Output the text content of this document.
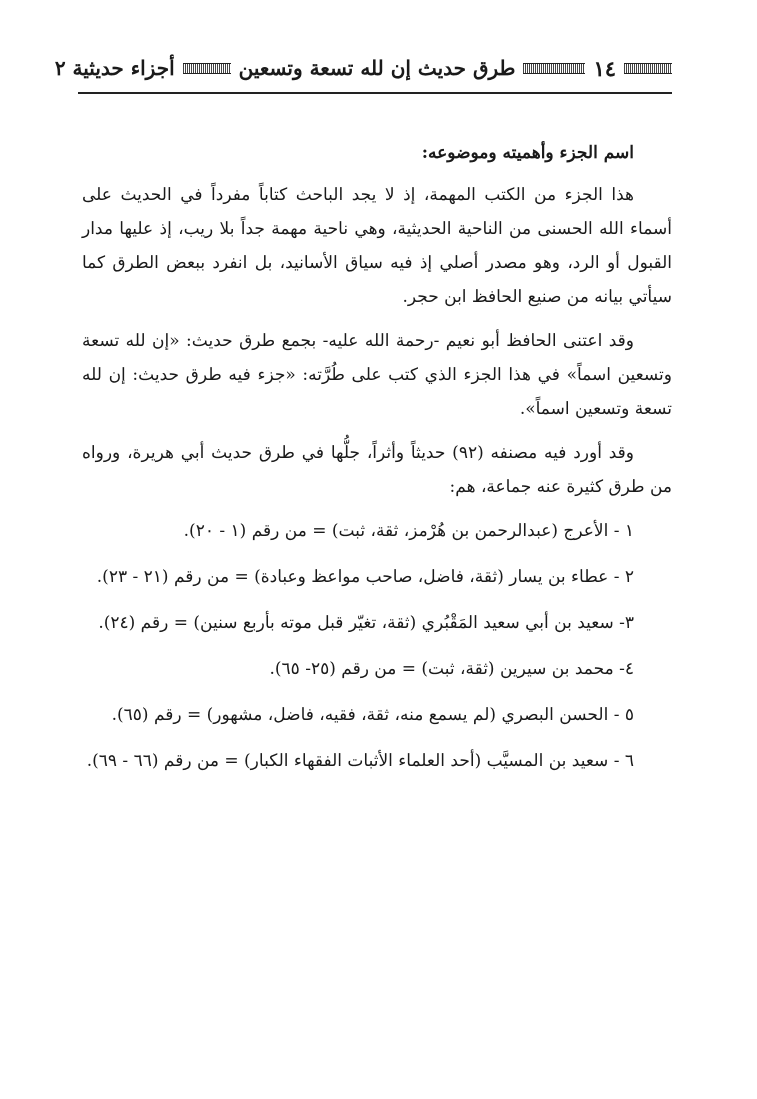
١٤
طرق حديث إن لله تسعة وتسعين
أجزاء حديثية ٢

اسم الجزء وأهميته وموضوعه:

هذا الجزء من الكتب المهمة، إذ لا يجد الباحث كتاباً مفرداً في الحديث على أسماء الله الحسنى من الناحية الحديثية، وهي ناحية مهمة جداً بلا ريب، إذ عليها مدار القبول أو الرد، وهو مصدر أصلي إذ فيه سياق الأسانيد، بل انفرد ببعض الطرق كما سيأتي بيانه من صنيع الحافظ ابن حجر.

وقد اعتنى الحافظ أبو نعيم -رحمة الله عليه- بجمع طرق حديث: «إن لله تسعة وتسعين اسماً» في هذا الجزء الذي كتب على طُرَّته: «جزء فيه طرق حديث: إن لله تسعة وتسعين اسماً».

وقد أورد فيه مصنفه (٩٢) حديثاً وأثراً، جلُّها في طرق حديث أبي هريرة، ورواه من طرق كثيرة عنه جماعة، هم:

١ - الأعرج (عبدالرحمن بن هُرْمز، ثقة، ثبت) = من رقم (١ - ٢٠).

٢ - عطاء بن يسار (ثقة، فاضل، صاحب مواعظ وعبادة) = من رقم (٢١ - ٢٣).

٣- سعيد بن أبي سعيد المَقْبُري (ثقة، تغيّر قبل موته بأربع سنين) = رقم (٢٤).

٤- محمد بن سيرين (ثقة، ثبت) = من رقم (٢٥- ٦٥).

٥ - الحسن البصري (لم يسمع منه، ثقة، فقيه، فاضل، مشهور) = رقم (٦٥).

٦ - سعيد بن المسيَّب (أحد العلماء الأثبات الفقهاء الكبار) = من رقم (٦٦ - ٦٩).
